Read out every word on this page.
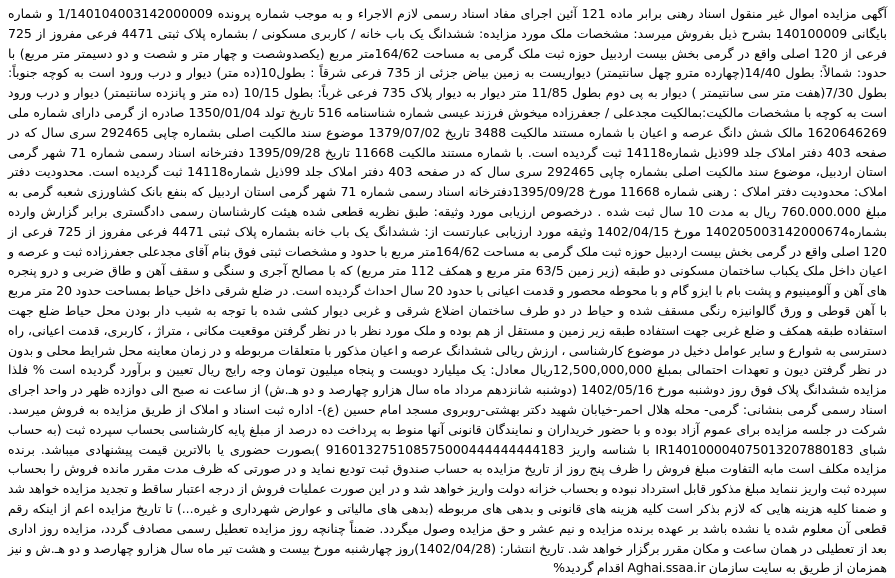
آگهی مزایده اموال غیر منقول اسناد رهنی برابر ماده 121 آئین اجرای مفاد اسناد رسمی لازم الاجراء و به موجب شماره پرونده 1/140104003142000009 و شماره بایگانی 140100009 بشرح ذیل بفروش میرسد: مشخصات ملک مورد مزایده: ششدانگ یک باب خانه / کاربری مسکونی / بشماره پلاک ثبتی 4471 فرعی مفروز از 725 فرعی از 120 اصلی واقع در گرمی بخش بیست اردبیل حوزه ثبت ملک گرمی به مساحت 164/62متر مربع (یکصدوشصت و چهار متر و شصت و دو دسیمتر متر مربع) با حدود: شمالاً: بطول 14/40(چهارده مترو چهل سانتیمتر) دیواریست به زمین بیاض جزئی از 735 فرعی شرقاً : بطول10(ده متر) دیوار و درب ورود است به کوچه جنوباً: بطول 7/30(هفت متر سی سانتیمتر ) دیوار به پی دوم بطول 11/85 متر دیوار به دیوار پلاک 735 فرعی غرباً: بطول 10/15 (ده متر و پانزده سانتیمتر) دیوار و درب ورود است به کوچه با مشخصات مالکیت:بمالکیت مجدعلی / جعفرزاده میخوش فرزند عیسی شماره شناسنامه 516 تاریخ تولد 1350/01/04 صادره از گرمی دارای شماره ملی 1620646269 مالک شش دانگ عرصه و اعیان با شماره مستند مالکیت 3488 تاریخ 1379/07/02 موضوع سند مالکیت اصلی بشماره چاپی 292465 سری سال که در صفحه 403 دفتر املاک جلد 99ذیل شماره14118 ثبت گردیده است. با شماره مستند مالکیت 11668 تاریخ 1395/09/28 دفترخانه اسناد رسمی شماره 71 شهر گرمی استان اردبیل، موضوع سند مالکیت اصلی بشماره چاپی 292465 سری سال که در صفحه 403 دفتر املاک جلد 99ذیل شماره14118 ثبت گردیده است. محدودیت دفتر املاک: محدودیت دفتر املاک : رهنی شماره 11668 مورخ 1395/09/28دفترخانه اسناد رسمی شماره 71 شهر گرمی استان اردبیل که بنفع بانک کشاورزی شعبه گرمی به مبلغ 760.000.000 ریال به مدت 10 سال ثبت شده . درخصوص ارزیابی مورد وثیقه: طبق نظریه قطعی شده هیئت کارشناسان رسمی دادگستری برابر گزارش وارده بشماره140205003142000674 مورخ 1402/04/15 وثیقه مورد ارزیابی عبارتست از: ششدانگ یک باب خانه بشماره پلاک ثبتی 4471 فرعی مفروز از 725 فرعی از 120 اصلی واقع در گرمی بخش بیست اردبیل حوزه ثبت ملک گرمی به مساحت 164/62متر مربع با حدود و مشخصات ثبتی فوق بنام آقای مجدعلی جعفرزاده ثبت و عرصه و اعیان داخل ملک یکباب ساختمان مسکونی دو طبقه (زیر زمین 63/5 متر مربع و همکف 112 متر مربع) که با مصالح آجری و سنگی و سقف آهن و طاق ضربی و درو پنجره های آهن و آلومینیوم و پشت بام با ایزو گام و با محوطه محصور و قدمت اعیانی با حدود 20 سال احداث گردیده است. در ضلع شرقی داخل حیاط بمساحت حدود 20 متر مربع با آهن قوطی و ورق گالوانیزه رنگی مسقف شده و حیاط در دو طرف ساختمان اضلاع شرقی و غربی دیوار کشی شده با توجه به شیب دار بودن محل حیاط ضلع جهت استفاده طبقه همکف و ضلع غربی جهت استفاده طبقه زیر زمین و مستقل از هم بوده و ملک مورد نظر با در نظر گرفتن موقعیت مکانی ، متراژ ، کاربری، قدمت اعیانی، راه دسترسی به شوارع و سایر عوامل دخیل در موضوع کارشناسی ، ارزش ریالی ششدانگ عرصه و اعیان مذکور با متعلقات مربوطه و در زمان معاینه محل شرایط محلی و بدون در نظر گرفتن دیون و تعهدات احتمالی بمبلغ 12,500,000,000ریال معادل: یک میلیارد دویست و پنجاه میلیون تومان وجه رایج ریال تعیین و برآورد گردیده است % فلذا مزایده ششدانگ پلاک فوق روز دوشنبه مورخ 1402/05/16 (دوشنبه شانزدهم مرداد ماه سال هزارو چهارصد و دو هـ.ش) از ساعت نه صبح الی دوازده ظهر در واحد اجرای اسناد رسمی گرمی بنشانی: گرمی- محله هلال احمر-خیابان شهید دکتر بهشتی-روبروی مسجد امام حسین (ع)- اداره ثبت اسناد و املاک از طریق مزایده به فروش میرسد. شرکت در جلسه مزایده برای عموم آزاد بوده و با حضور خریداران و نمایندگان قانونی آنها منوط به پرداخت ده درصد از مبلغ پایه کارشناسی بحساب سپرده ثبت (به حساب شبای IR140100004075013207880183 با شناسه واریز 916013275108575000444444444183 )بصورت حضوری یا بالاترین قیمت پیشنهادی میباشد. برنده مزایده مکلف است مابه التفاوت مبلغ فروش را ظرف پنج روز از تاریخ مزایده به حساب صندوق ثبت تودیع نماید و در صورتی که ظرف مدت مقرر مانده فروش را بحساب سپرده ثبت واریز ننماید مبلغ مذکور قابل استرداد نبوده و بحساب خزانه دولت واریز خواهد شد و در این صورت عملیات فروش از درجه اعتبار ساقط و تجدید مزایده خواهد شد و ضمنا کلیه هزینه هایی که لازم بذکر است کلیه هزینه های قانونی و بدهی های مربوطه (بدهی های مالیاتی و عوارض شهرداری و غیره...) تا تاریخ مزایده اعم از اینکه رقم قطعی آن معلوم شده یا نشده باشد بر عهده برنده مزایده و نیم عشر و حق مزایده وصول میگردد. ضمناً چنانچه روز مزایده تعطیل رسمی مصادف گردد، مزایده روز اداری بعد از تعطیلی در همان ساعت و مکان مقرر برگزار خواهد شد. تاریخ انتشار: (1402/04/28)روز چهارشنبه مورخ بیست و هشت تیر ماه سال هزارو چهارصد و دو هـ.ش و نیز همزمان از طریق به سایت سازمان Aghai.ssaa.ir اقدام گردید%
